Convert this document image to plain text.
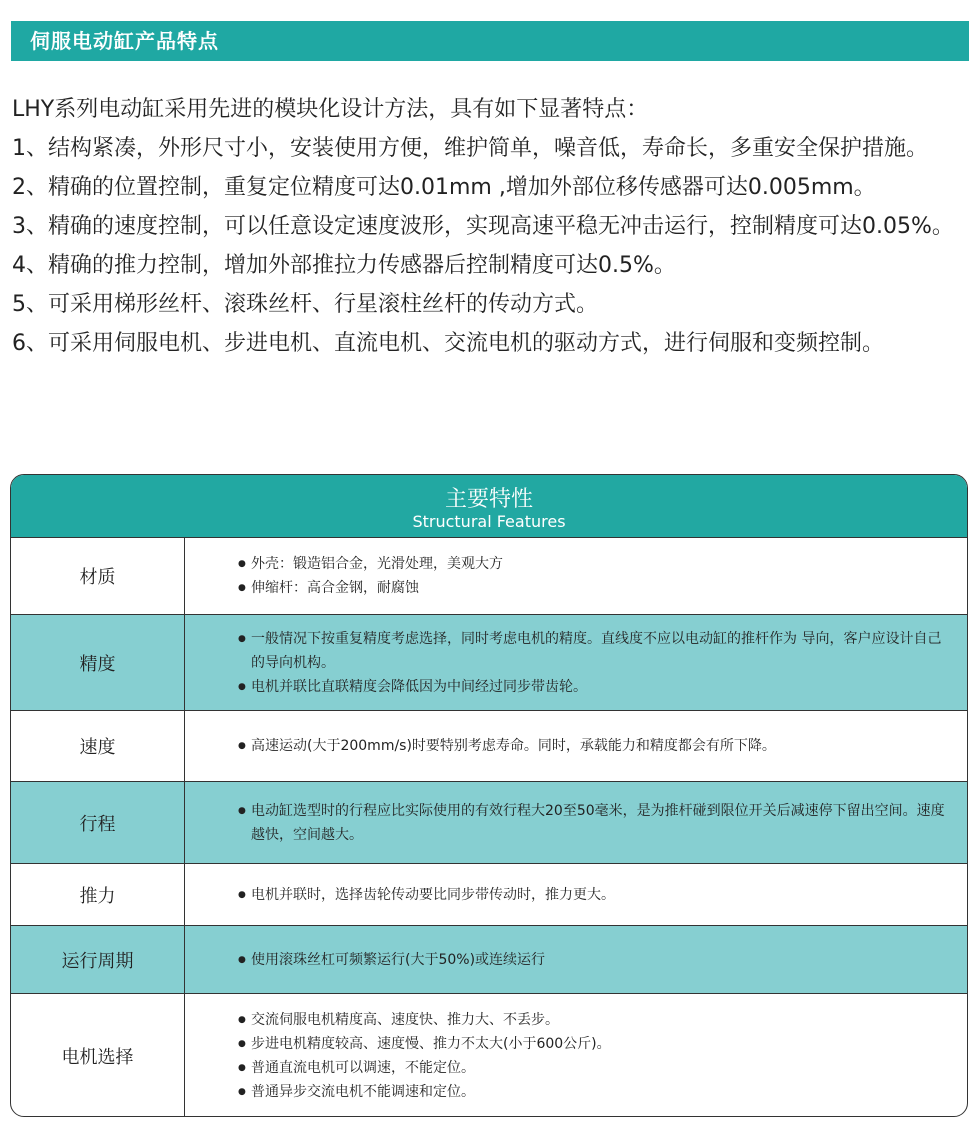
伺服电动缸产品特点
LHY系列电动缸采用先进的模块化设计方法，具有如下显著特点：
1、 结构紧凑，外形尺寸小，安装使用方便，维护简单，噪音低，寿命长，多重安全保护措施。
2、 精确的位置控制，重复定位精度可达0.01mm ,增加外部位移传感器可达0.005mm。
3、 精确的速度控制，可以任意设定速度波形，实现高速平稳无冲击运行，控制精度可达0.05%。
4、 精确的推力控制，增加外部推拉力传感器后控制精度可达0.5%。
5、 可采用梯形丝杆、滚珠丝杆、行星滚柱丝杆的传动方式。
6、 可采用伺服电机、步进电机、直流电机、交流电机的驱动方式，进行伺服和变频控制。
主要特性
Structural Features
材质
● 外壳：锻造铝合金，光滑处理，美观大方
● 伸缩杆：高合金钢，耐腐蚀
精度
● 一般情况下按重复精度考虑选择，同时考虑电机的精度。直线度不应以电动缸的推杆作为 导向，客户应设计自己的导向机构。
● 电机并联比直联精度会降低因为中间经过同步带齿轮。
速度	● 高速运动(大于200mm/s)时要特别考虑寿命。同时，承载能力和精度都会有所下降。
行程
● 电动缸选型时的行程应比实际使用的有效行程大20至50毫米，是为推杆碰到限位开关后减速停下留出空间。速度越快，空间越大。
推力	● 电机并联时，选择齿轮传动要比同步带传动时，推力更大。
运行周期	● 使用滚珠丝杠可频繁运行(大于50%)或连续运行
电机选择
● 交流伺服电机精度高、速度快、推力大、不丢步。
● 步进电机精度较高、速度慢、推力不太大(小于600公斤)。
● 普通直流电机可以调速，不能定位。
● 普通异步交流电机不能调速和定位。
